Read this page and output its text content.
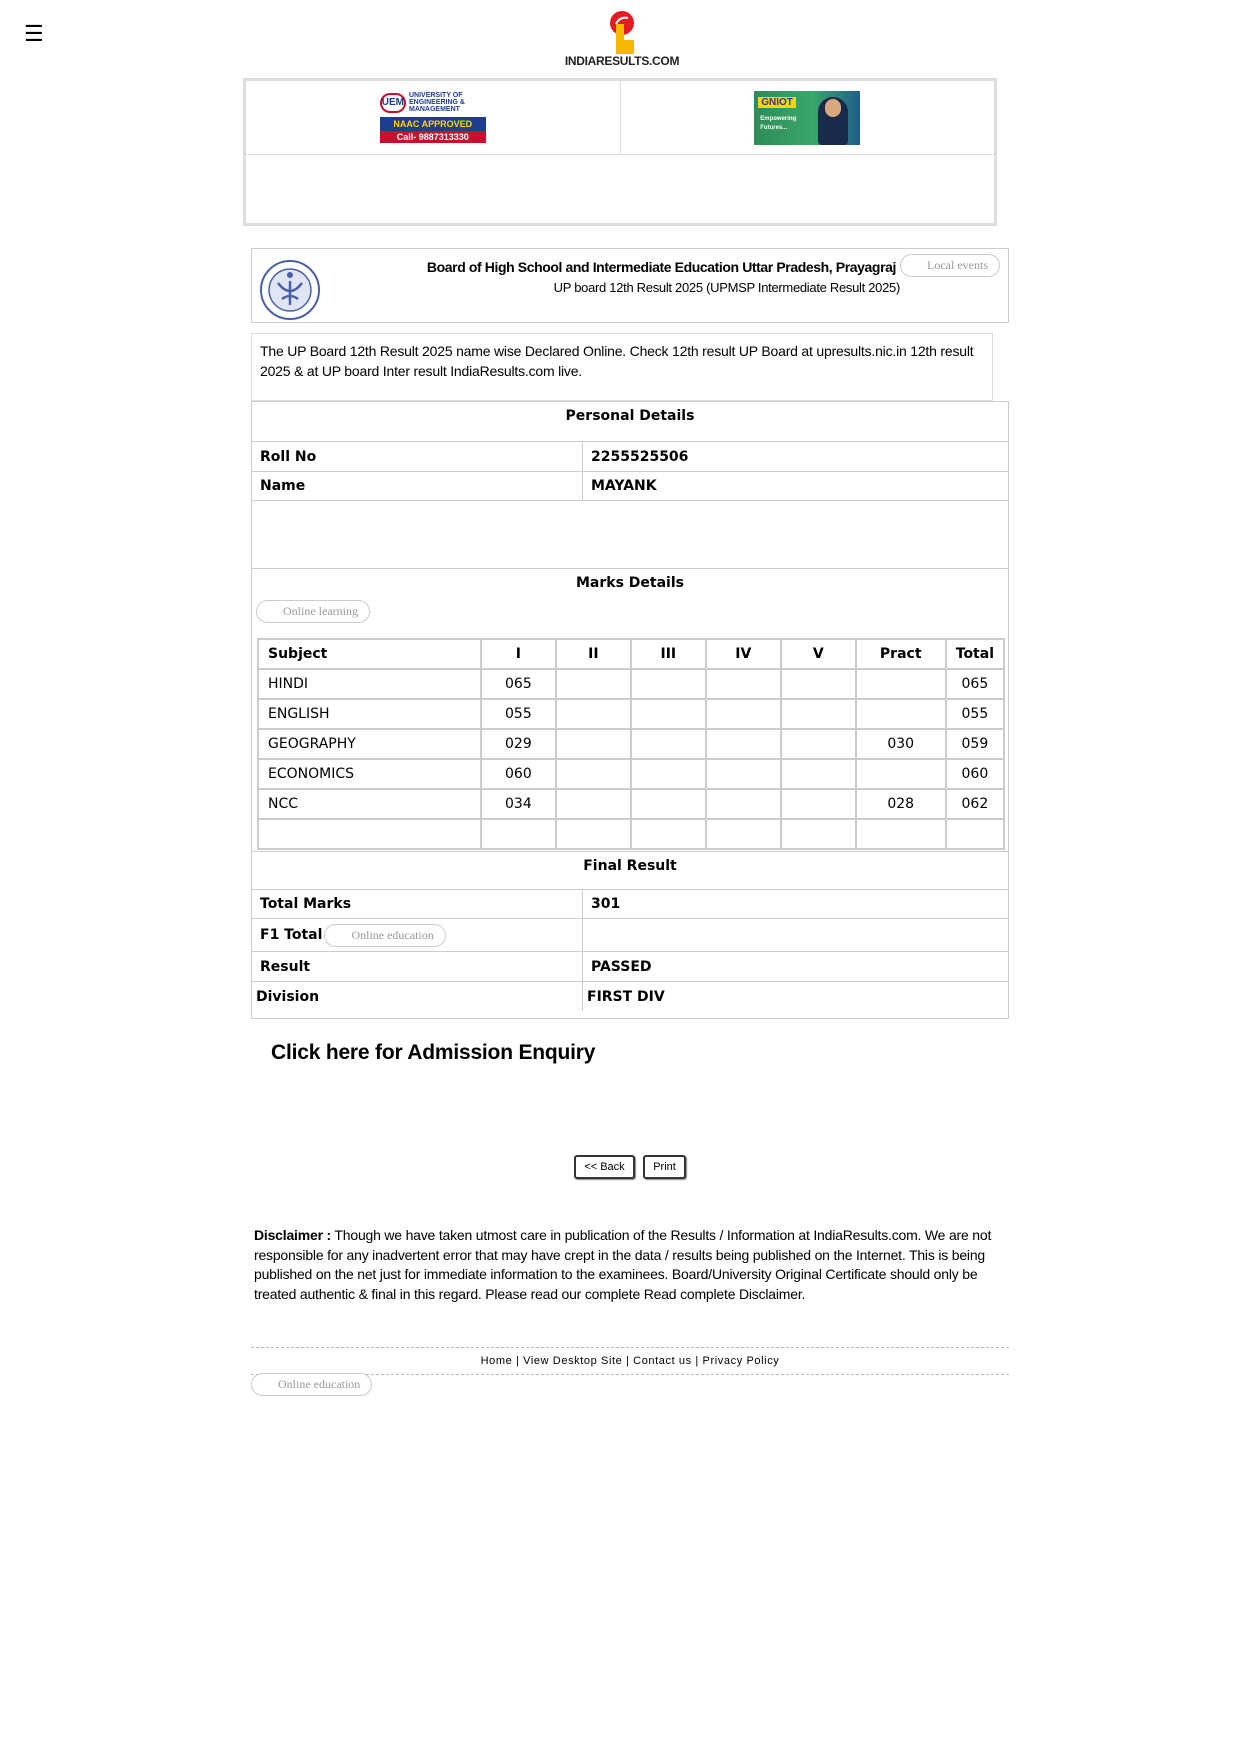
☰
INDIARESULTS.COM
UEM
UNIVERSITY OF ENGINEERING & MANAGEMENT
NAAC APPROVED
Call- 9887313330
GNIOT
Empowering
Futures...
Board of High School and Intermediate Education Uttar Pradesh, Prayagraj
UP board 12th Result 2025 (UPMSP Intermediate Result 2025)
Local events
The UP Board 12th Result 2025 name wise Declared Online. Check 12th result UP Board at upresults.nic.in 12th result 2025 & at UP board Inter result IndiaResults.com live.
Personal Details
Roll No	2255525506
Name	MAYANK
Marks Details
Online learning
Subject	I	II	III	IV	V	Pract	Total
HINDI	065						065
ENGLISH	055						055
GEOGRAPHY	029					030	059
ECONOMICS	060						060
NCC	034					028	062

Final Result
Total Marks	301
F1 Total	Online education
Result	PASSED
Division	FIRST DIV
Click here for Admission Enquiry
<< Back	Print
Disclaimer : Though we have taken utmost care in publication of the Results / Information at IndiaResults.com. We are not responsible for any inadvertent error that may have crept in the data / results being published on the Internet. This is being published on the net just for immediate information to the examinees. Board/University Original Certificate should only be treated authentic & final in this regard. Please read our complete Read complete Disclaimer.
Home | View Desktop Site | Contact us | Privacy Policy
Online education
